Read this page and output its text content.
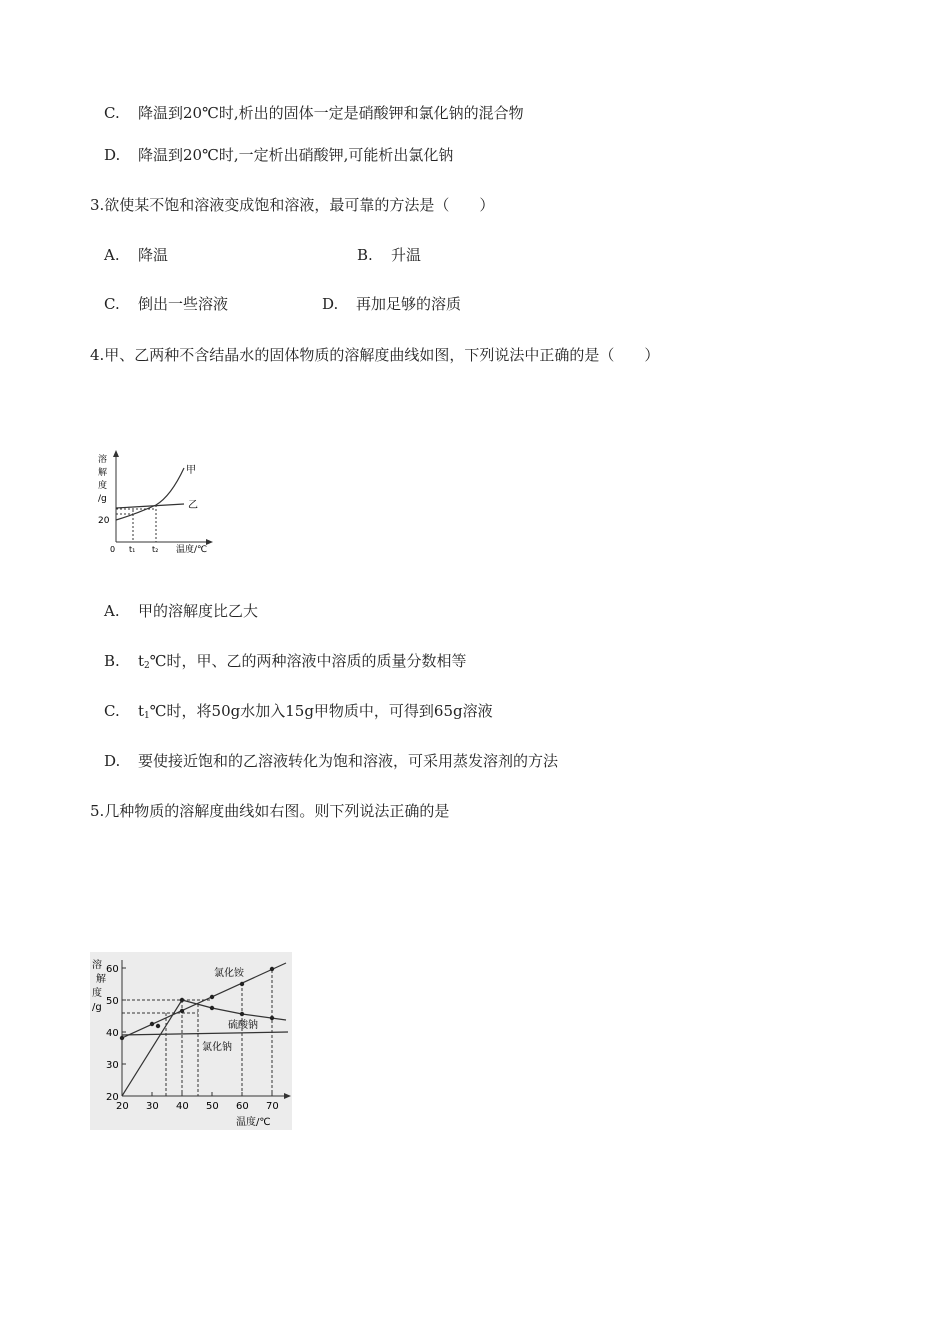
C. 降温到20℃时,析出的固体一定是硝酸钾和氯化钠的混合物
D. 降温到20℃时,一定析出硝酸钾,可能析出氯化钠
3.欲使某不饱和溶液变成饱和溶液，最可靠的方法是（　　）
A. 降温	B. 升温
C. 倒出一些溶液	D. 再加足够的溶质
4.甲、乙两种不含结晶水的固体物质的溶解度曲线如图，下列说法中正确的是（　　）
溶
解
度
/g
20
0 t₁ t₂ 温度/℃
甲
乙
A. 甲的溶解度比乙大
B. $t_2℃$时，甲、乙的两种溶液中溶质的质量分数相等
C. $t_1℃$时，将50g水加入15g甲物质中，可得到65g溶液
D. 要使接近饱和的乙溶液转化为饱和溶液，可采用蒸发溶剂的方法
5.几种物质的溶解度曲线如右图。则下列说法正确的是
溶
解
度
/g
60
50
40
30
20
20 30 40 50 60 70
温度/℃
氯化铵
硫酸钠
氯化钠
